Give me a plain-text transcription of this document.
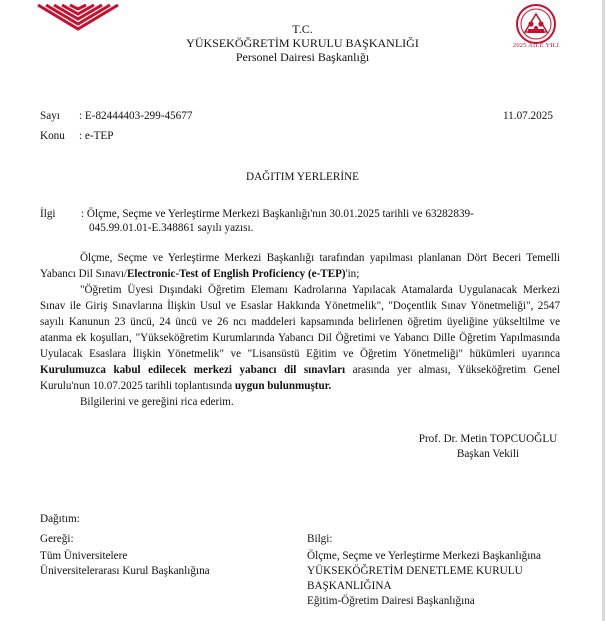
2025 AİLE YILI
T.C.
YÜKSEKÖĞRETİM KURULU BAŞKANLIĞI
Personel Dairesi Başkanlığı
Sayı : E-82444403-299-45677	11.07.2025
Konu : e-TEP
DAĞITIM YERLERİNE
İlgi : Ölçme, Seçme ve Yerleştirme Merkezi Başkanlığı'nın 30.01.2025 tarihli ve 63282839-
045.99.01.01-E.348861 sayılı yazısı.

Ölçme, Seçme ve Yerleştirme Merkezi Başkanlığı tarafından yapılması planlanan Dört Beceri Temelli Yabancı Dil Sınavı/Electronic-Test of English Proficiency (e-TEP)'in;

"Öğretim Üyesi Dışındaki Öğretim Elemanı Kadrolarına Yapılacak Atamalarda Uygulanacak Merkezi Sınav ile Giriş Sınavlarına İlişkin Usul ve Esaslar Hakkında Yönetmelik", "Doçentlik Sınav Yönetmeliği", 2547 sayılı Kanunun 23 üncü, 24 üncü ve 26 ncı maddeleri kapsamında belirlenen öğretim üyeliğine yükseltilme ve atanma ek koşulları, "Yükseköğretim Kurumlarında Yabancı Dil Öğretimi ve Yabancı Dille Öğretim Yapılmasında Uyulacak Esaslara İlişkin Yönetmelik" ve "Lisansüstü Eğitim ve Öğretim Yönetmeliği" hükümleri uyarınca Kurulumuzca kabul edilecek merkezi yabancı dil sınavları arasında yer alması, Yükseköğretim Genel Kurulu'nun 10.07.2025 tarihli toplantısında uygun bulunmuştur.

Bilgilerini ve gereğini rica ederim.

Prof. Dr. Metin TOPCUOĞLU
Başkan Vekili
Dağıtım:
Gereği:
Tüm Üniversitelere
Üniversitelerarası Kurul Başkanlığına
Bilgi:
Ölçme, Seçme ve Yerleştirme Merkezi Başkanlığına
YÜKSEKÖĞRETİM DENETLEME KURULU
BAŞKANLIĞINA
Eğitim-Öğretim Dairesi Başkanlığına
